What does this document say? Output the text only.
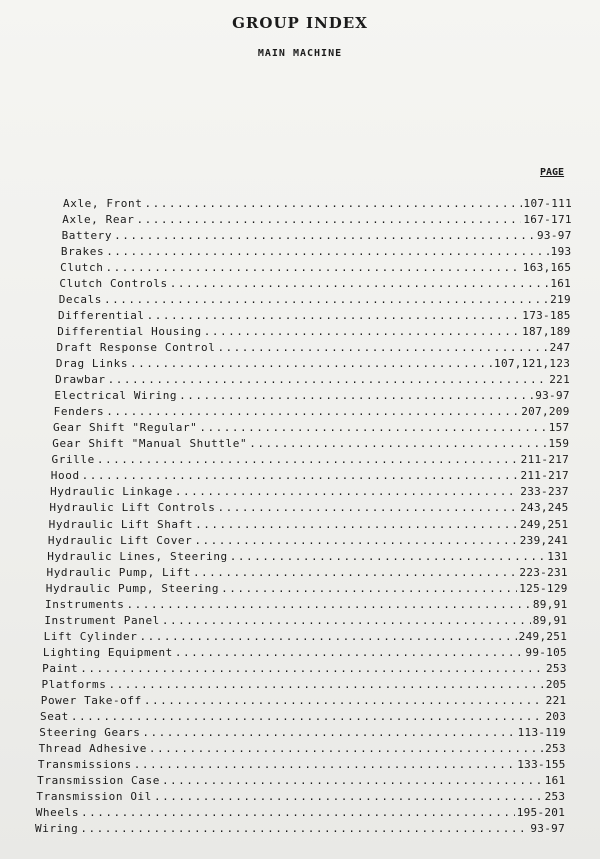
GROUP INDEX
MAIN MACHINE
PAGE
Axle, Front .....	107-111
Axle, Rear .....	167-171
Battery .....	93-97
Brakes .....	193
Clutch .....	163,165
Clutch Controls .....	161
Decals .....	219
Differential .....	173-185
Differential Housing .....	187,189
Draft Response Control .....	247
Drag Links .....	107,121,123
Drawbar .....	221
Electrical Wiring .....	93-97
Fenders .....	207,209
Gear Shift "Regular" .....	157
Gear Shift "Manual Shuttle" .....	159
Grille .....	211-217
Hood .....	211-217
Hydraulic Linkage .....	233-237
Hydraulic Lift Controls .....	243,245
Hydraulic Lift Shaft .....	249,251
Hydraulic Lift Cover .....	239,241
Hydraulic Lines, Steering .....	131
Hydraulic Pump, Lift .....	223-231
Hydraulic Pump, Steering .....	125-129
Instruments .....	89,91
Instrument Panel .....	89,91
Lift Cylinder .....	249,251
Lighting Equipment .....	99-105
Paint .....	253
Platforms .....	205
Power Take-off .....	221
Seat .....	203
Steering Gears .....	113-119
Thread Adhesive .....	253
Transmissions .....	133-155
Transmission Case .....	161
Transmission Oil .....	253
Wheels .....	195-201
Wiring .....	93-97
